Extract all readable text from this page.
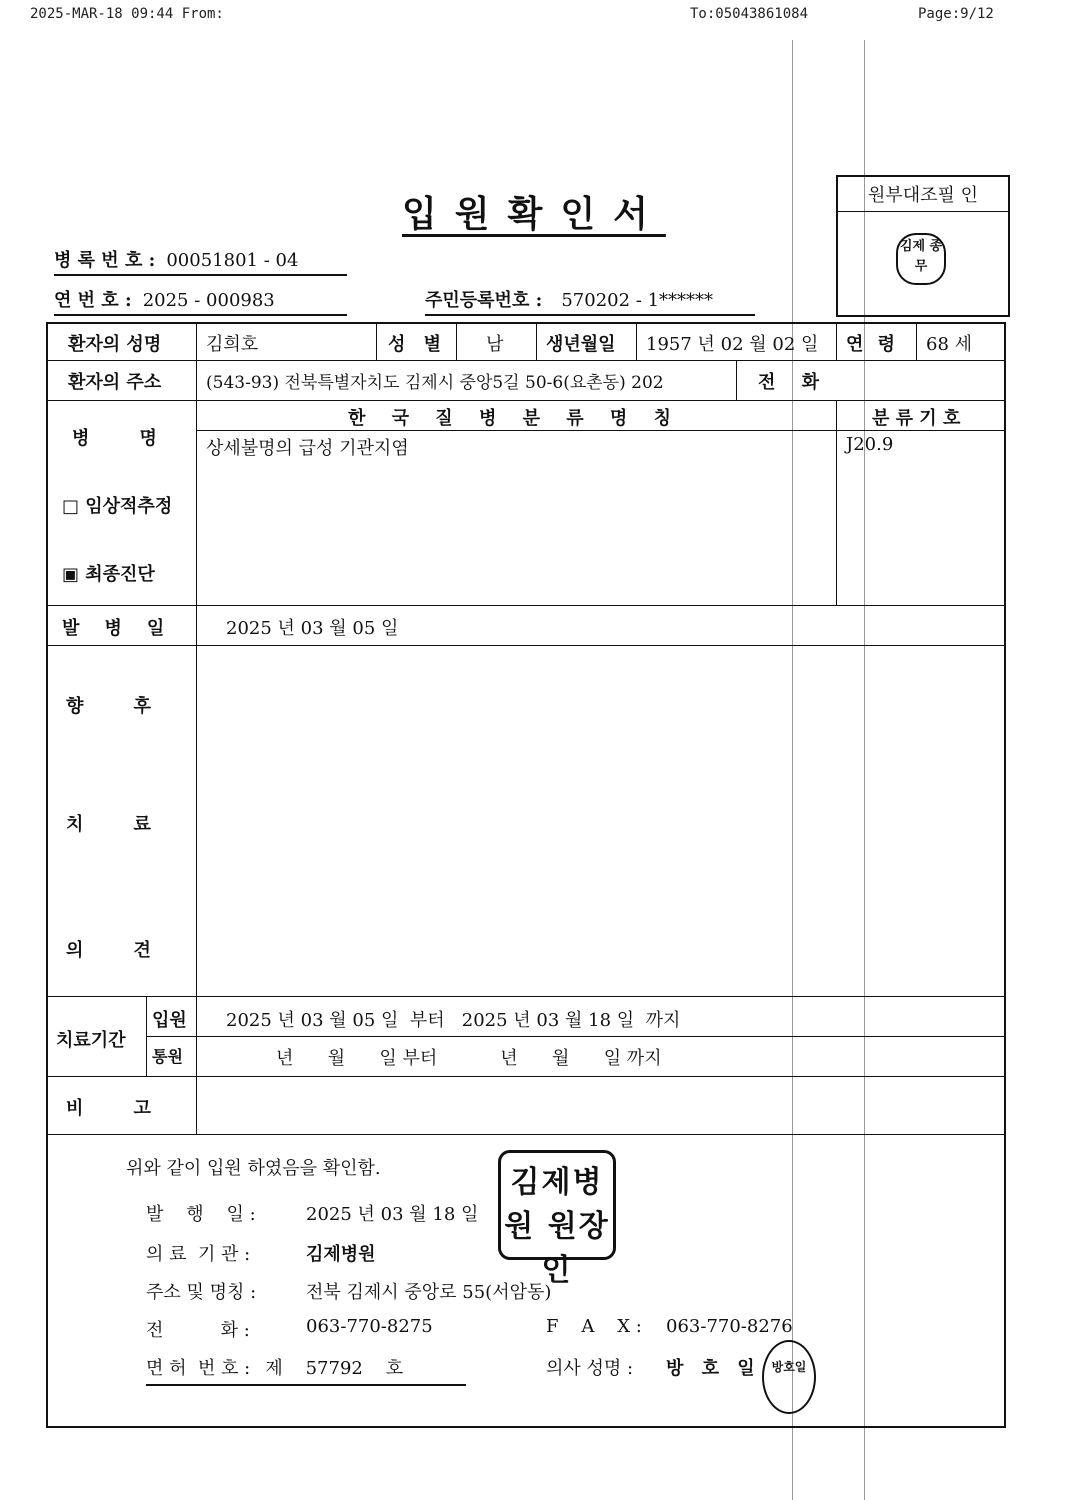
2025-MAR-18 09:44 From:	To:05043861084	Page:9/12
입원확인서	원부대조필 인
김제 종무
병 록 번 호 : 00051801 - 04
연 번 호 : 2025 - 000983	주민등록번호 : 570202 - 1******
환자의 성명 김희호	성 별 남 생년월일 1957 년 02 월 02 일 연 령 68 세
환자의 주소	(543-93) 전북특별자치도 김제시 중앙5길 50-6(요촌동) 202	전 화
병        명
한 국 질 병 분 류 명 칭	분 류 기 호
상세불명의 급성 기관지염	J20.9
□ 임상적추정
▣ 최종진단
발    병    일	2025 년 03 월 05 일
향        후
치        료
의        견
치료기간
입원 2025 년 03 월 05 일  부터   2025 년 03 월 18 일  까지
통원	년      월      일 부터           년      월      일 까지
비        고
위와 같이 입원 하였음을 확인함.
발    행    일 :	2025 년 03 월 18 일
의 료  기 관 :	김제병원
주소 및 명칭 :	전북 김제시 중앙로 55(서암동)
전          화 :	063-770-8275	F    A    X : 063-770-8276
면 허  번 호 : 제    57792    호	의사 성명 : 방 호 일
김제병원 원장인
방호일
